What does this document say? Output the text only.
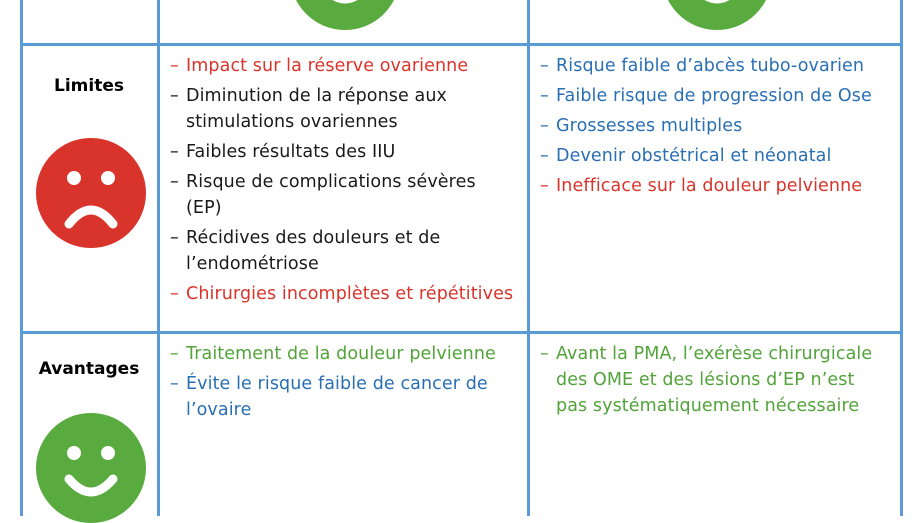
Limites
– Impact sur la réserve ovarienne
– Diminution de la réponse aux stimulations ovariennes
– Faibles résultats des IIU
– Risque de complications sévères (EP)
– Récidives des douleurs et de l’endométriose
– Chirurgies incomplètes et répétitives
– Risque faible d’abcès tubo-ovarien
– Faible risque de progression de Ose
– Grossesses multiples
– Devenir obstétrical et néonatal
– Inefficace sur la douleur pelvienne
Avantages
– Traitement de la douleur pelvienne
– Évite le risque faible de cancer de l’ovaire
– Avant la PMA, l’exérèse chirurgicale des OME et des lésions d’EP n’est pas systématiquement nécessaire
